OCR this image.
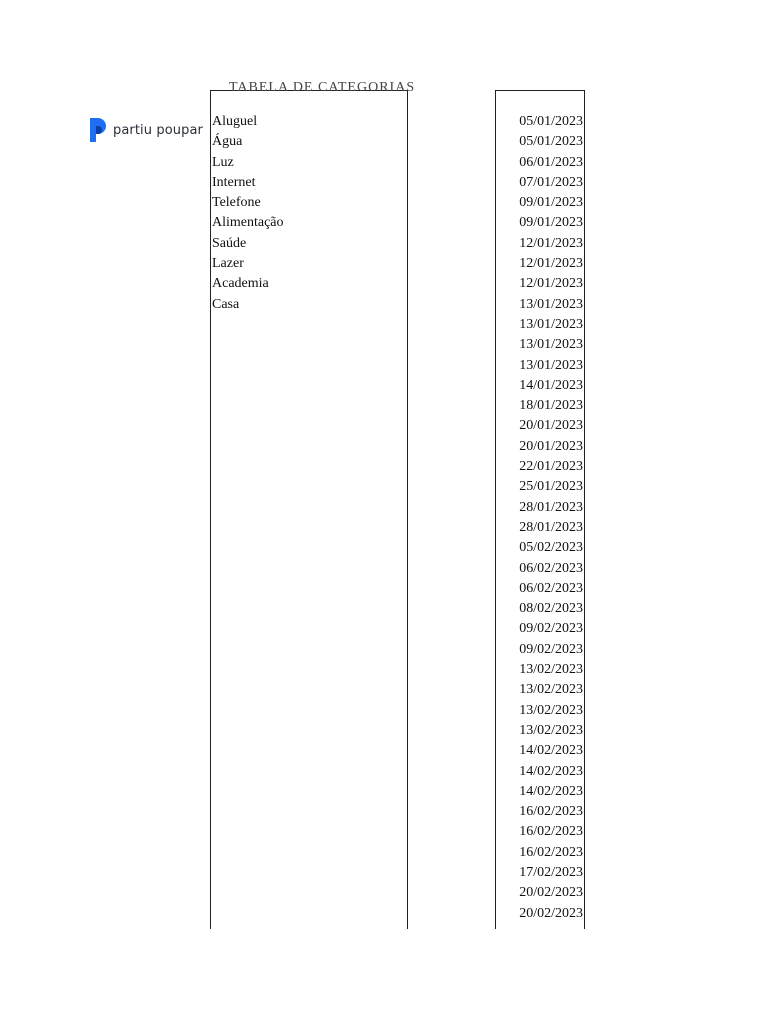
partiu poupar
TABELA DE CATEGORIAS
Aluguel
Água
Luz
Internet
Telefone
Alimentação
Saúde
Lazer
Academia
Casa
05/01/2023
05/01/2023
06/01/2023
07/01/2023
09/01/2023
09/01/2023
12/01/2023
12/01/2023
12/01/2023
13/01/2023
13/01/2023
13/01/2023
13/01/2023
14/01/2023
18/01/2023
20/01/2023
20/01/2023
22/01/2023
25/01/2023
28/01/2023
28/01/2023
05/02/2023
06/02/2023
06/02/2023
08/02/2023
09/02/2023
09/02/2023
13/02/2023
13/02/2023
13/02/2023
13/02/2023
14/02/2023
14/02/2023
14/02/2023
16/02/2023
16/02/2023
16/02/2023
17/02/2023
20/02/2023
20/02/2023
